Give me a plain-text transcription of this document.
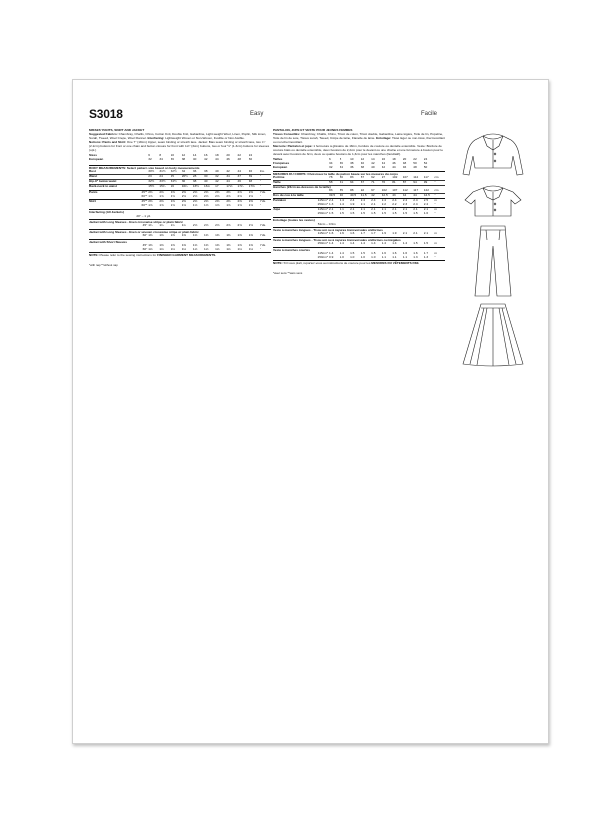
S3018	Easy	Facile

MISSES' PANTS, SKIRT AND JACKET

Suggested Fabrics: Chambray, Challis, Chino, Cotton Knit, Double Knit, Gabardine, Light-weight Wool, Linen, Poplin, Silk Linen, Surah, Tweed, Wool Crepe, Wool Flannel. Interfacing: Lightweight Woven or Non-Woven, Fusible or Non-fusible.

Notions: Pants and Skirt: One 7" (18cm) zipper, seam binding or stretch lace. Jacket: Bias seam binding or stretch lace, two ¾" (2.2cm) buttons for front or one chain and button closure for front with 1⅛" (3cm) buttons, two or four ½" (1.3cm) buttons for sleeves (opt.)

Sizes		6	8	10	12	14	16	18	20	22	24	
European		32	34	36	38	40	42	44	46	48	50	

BODY MEASUREMENTS: Select pattern size based on body measurements

Bust		30½	31½	32½	34	36	38	40	42	44	46	Ins.
Waist		23	24	25	26½	28	30	32	34	37	39	"
Hip-9" below waist		32½	33½	34½	36	38	40	42	44	46	48	"
Back-neck to waist		15½	15¾	16	16¼	16½	16¾	17	17⅛	17¼	17⅜	"
Pants	45"*	2⅜	2⅜	2⅜	2⅜	2⅜	2⅜	2⅜	2⅜	2⅜	2⅜	Yds.
	60"*	1⅝	1⅝	2⅝	2⅝	2⅝	2⅝	2⅝	2⅝	2⅝	2⅝	"
Skirt	45"*	2⅜	2⅜	2⅜	2⅜	2⅜	2⅜	2⅜	2⅜	2⅜	2⅜	Yds.
	60"*	1⅝	1⅝	1⅝	1⅝	1⅝	1⅝	1⅝	1⅝	1⅝	1⅝	"

Interfacing (All Jackets)

20" – 1 yd.

Jacket with Long Sleeves - Even crosswise stripe or plain fabric

	45"	1¾	1¾	1¾	1¾	2⅝	2⅝	2⅝	2⅝	2⅝	2⅝	Yds.

Jacket with Long Sleeves - Even or uneven crosswise stripe or plain fabric

	60"	1⅜	1⅜	1⅜	1⅜	1⅜	1⅜	1⅜	1⅜	1⅜	1⅜	Yds.

Jacket with Short Sleeves

	45"	1⅜	1⅜	1⅜	1⅜	1⅜	1⅜	1⅜	1⅜	1⅜	1⅜	Yds.
	60"	1⅛	1⅛	1⅛	1⅛	1⅛	1⅛	1⅛	1⅛	1⅛	1⅛	"

NOTE: Please refer to the sewing instructions for FINISHED GARMENT MEASUREMENTS.

*with nap **without nap

PANTALON, JUPE ET VESTE POUR JEUNES FEMMES

Tissus Conseillés: Chambray, Challis, Chino, Tricot de coton, Tricot double, Gabardine, Laine légère, Toile de lin, Popeline, Toile de lin de soie, Tissus surah, Tweed, Crêpe de laine, Flanelle de laine. Entoilage: Tissé léger ou non-tissé, thermocollant ou non-thermocollant.

Mercerie: Pantalon et jupe: 1 fermeture à glissière de 18cm, bordure de couture ou dentelle extensible. Veste: Bordure de couture biais ou dentelle extensible, deux boutons de 2,2cm pour le devant ou une chaîne et une fermeture à bouton pour le devant avec boutons de 3cm, deux ou quatre boutons de 1,3cm pour les manches (facultatif).

Tailles		6	8	10	12	14	16	18	20	22	24	
Françaises		34	36	38	40	42	44	46	48	50	52	
Européen		32	34	36	38	40	42	44	46	48	50	

MESURES DU CORPS: Choisissez la taille du patron basée sur les mesures du corps

Poitrine		78	80	83	87	92	97	102	107	112	117	cm
Taille		58	61	64	67	71	76	81	87	94	99	"
Hanches (23cm au-dessous de la taille)												
		83	85	88	92	97	102	107	112	117	122	cm
Dos du cou à la taille		39.5	40	40.5	41.5	42	42.5	43	44	44	44.5	"
Pantalon	115cm*	2.4	2.4	2.4	2.4	2.4	2.4	2.4	2.4	2.4	2.5	m
	150cm*	1.3	1.4	1.9	2.1	2.1	2.2	2.2	2.3	2.4	2.4	"
Jupe	115cm*	2.1	2.1	2.1	2.1	2.1	2.1	2.1	2.1	2.1	2.1	m
	150cm*	1.5	1.5	1.5	1.5	1.5	1.5	1.5	1.5	1.5	1.6	"

Entoilage (toutes les vestes)

51cm – 0.9m

Veste à manches longues - Tissu uni ou à rayures transversales uniformes

	115cm*	1.6	1.6	1.6	1.7	1.7	1.9	1.9	2.1	2.1	2.1	m

Veste à manches longues - Tissu uni ou à rayures transversales uniformes ou inégales

	150cm*	1.4	1.4	1.4	1.4	1.4	1.4	1.4	1.4	1.5	1.5	m

Veste à manches courtes

	115cm*	1.4	1.4	1.5	1.5	1.5	1.6	1.6	1.6	1.6	1.7	m
	150cm*	0.9	1.0	1.0	1.0	1.0	1.1	1.1	1.1	1.3	1.3	"

NOTE: S'il vous plaît, reportez-vous au instructions de couture pour les MESURES DU VÊTEMENTS FINI.

*avec sens **sans sens
